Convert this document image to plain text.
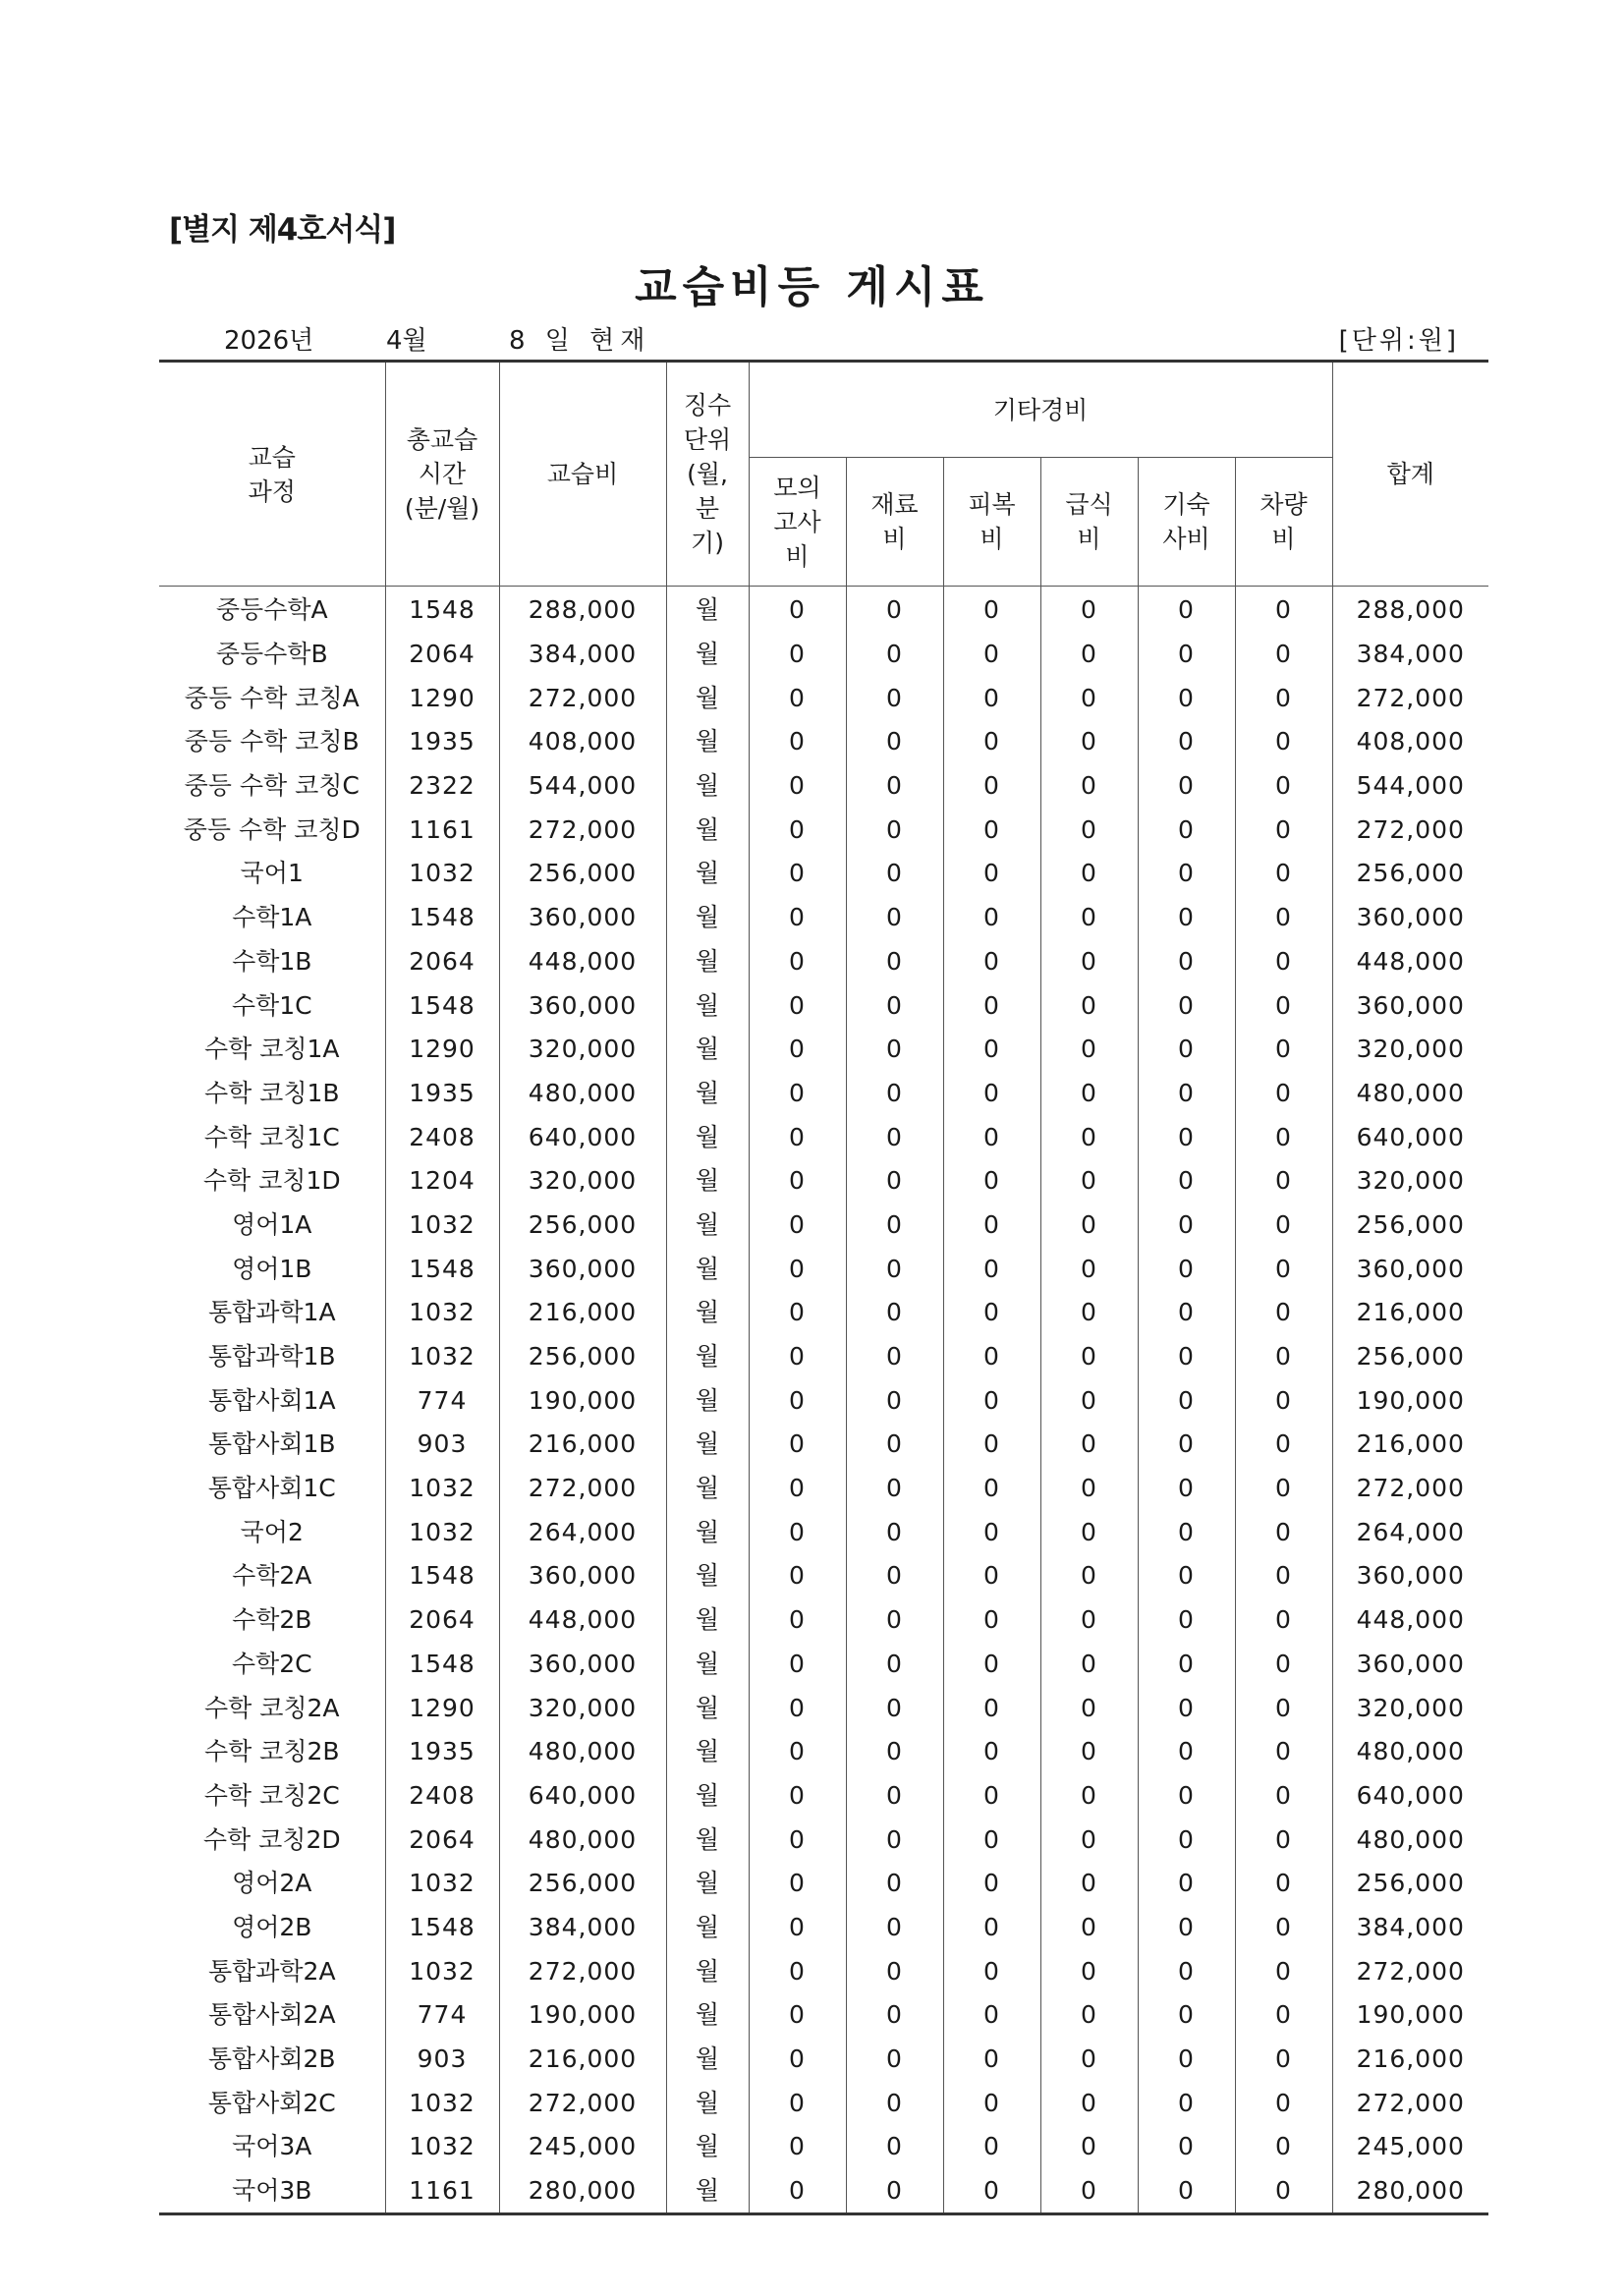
[별지 제4호서식]
교습비등 게시표
2026년	4월	8 일 현재	[단위:원]
교습
과정	총교습
시간
(분/월)	교습비	징수
단위
(월,
분
기)	기타경비						합계
				모의
고사
비	재료
비	피복
비	급식
비	기숙
사비	차량
비	
중등수학A	1548	288,000	월	0	0	0	0	0	0	288,000
중등수학B	2064	384,000	월	0	0	0	0	0	0	384,000
중등 수학 코칭A	1290	272,000	월	0	0	0	0	0	0	272,000
중등 수학 코칭B	1935	408,000	월	0	0	0	0	0	0	408,000
중등 수학 코칭C	2322	544,000	월	0	0	0	0	0	0	544,000
중등 수학 코칭D	1161	272,000	월	0	0	0	0	0	0	272,000
국어1	1032	256,000	월	0	0	0	0	0	0	256,000
수학1A	1548	360,000	월	0	0	0	0	0	0	360,000
수학1B	2064	448,000	월	0	0	0	0	0	0	448,000
수학1C	1548	360,000	월	0	0	0	0	0	0	360,000
수학 코칭1A	1290	320,000	월	0	0	0	0	0	0	320,000
수학 코칭1B	1935	480,000	월	0	0	0	0	0	0	480,000
수학 코칭1C	2408	640,000	월	0	0	0	0	0	0	640,000
수학 코칭1D	1204	320,000	월	0	0	0	0	0	0	320,000
영어1A	1032	256,000	월	0	0	0	0	0	0	256,000
영어1B	1548	360,000	월	0	0	0	0	0	0	360,000
통합과학1A	1032	216,000	월	0	0	0	0	0	0	216,000
통합과학1B	1032	256,000	월	0	0	0	0	0	0	256,000
통합사회1A	774	190,000	월	0	0	0	0	0	0	190,000
통합사회1B	903	216,000	월	0	0	0	0	0	0	216,000
통합사회1C	1032	272,000	월	0	0	0	0	0	0	272,000
국어2	1032	264,000	월	0	0	0	0	0	0	264,000
수학2A	1548	360,000	월	0	0	0	0	0	0	360,000
수학2B	2064	448,000	월	0	0	0	0	0	0	448,000
수학2C	1548	360,000	월	0	0	0	0	0	0	360,000
수학 코칭2A	1290	320,000	월	0	0	0	0	0	0	320,000
수학 코칭2B	1935	480,000	월	0	0	0	0	0	0	480,000
수학 코칭2C	2408	640,000	월	0	0	0	0	0	0	640,000
수학 코칭2D	2064	480,000	월	0	0	0	0	0	0	480,000
영어2A	1032	256,000	월	0	0	0	0	0	0	256,000
영어2B	1548	384,000	월	0	0	0	0	0	0	384,000
통합과학2A	1032	272,000	월	0	0	0	0	0	0	272,000
통합사회2A	774	190,000	월	0	0	0	0	0	0	190,000
통합사회2B	903	216,000	월	0	0	0	0	0	0	216,000
통합사회2C	1032	272,000	월	0	0	0	0	0	0	272,000
국어3A	1032	245,000	월	0	0	0	0	0	0	245,000
국어3B	1161	280,000	월	0	0	0	0	0	0	280,000
